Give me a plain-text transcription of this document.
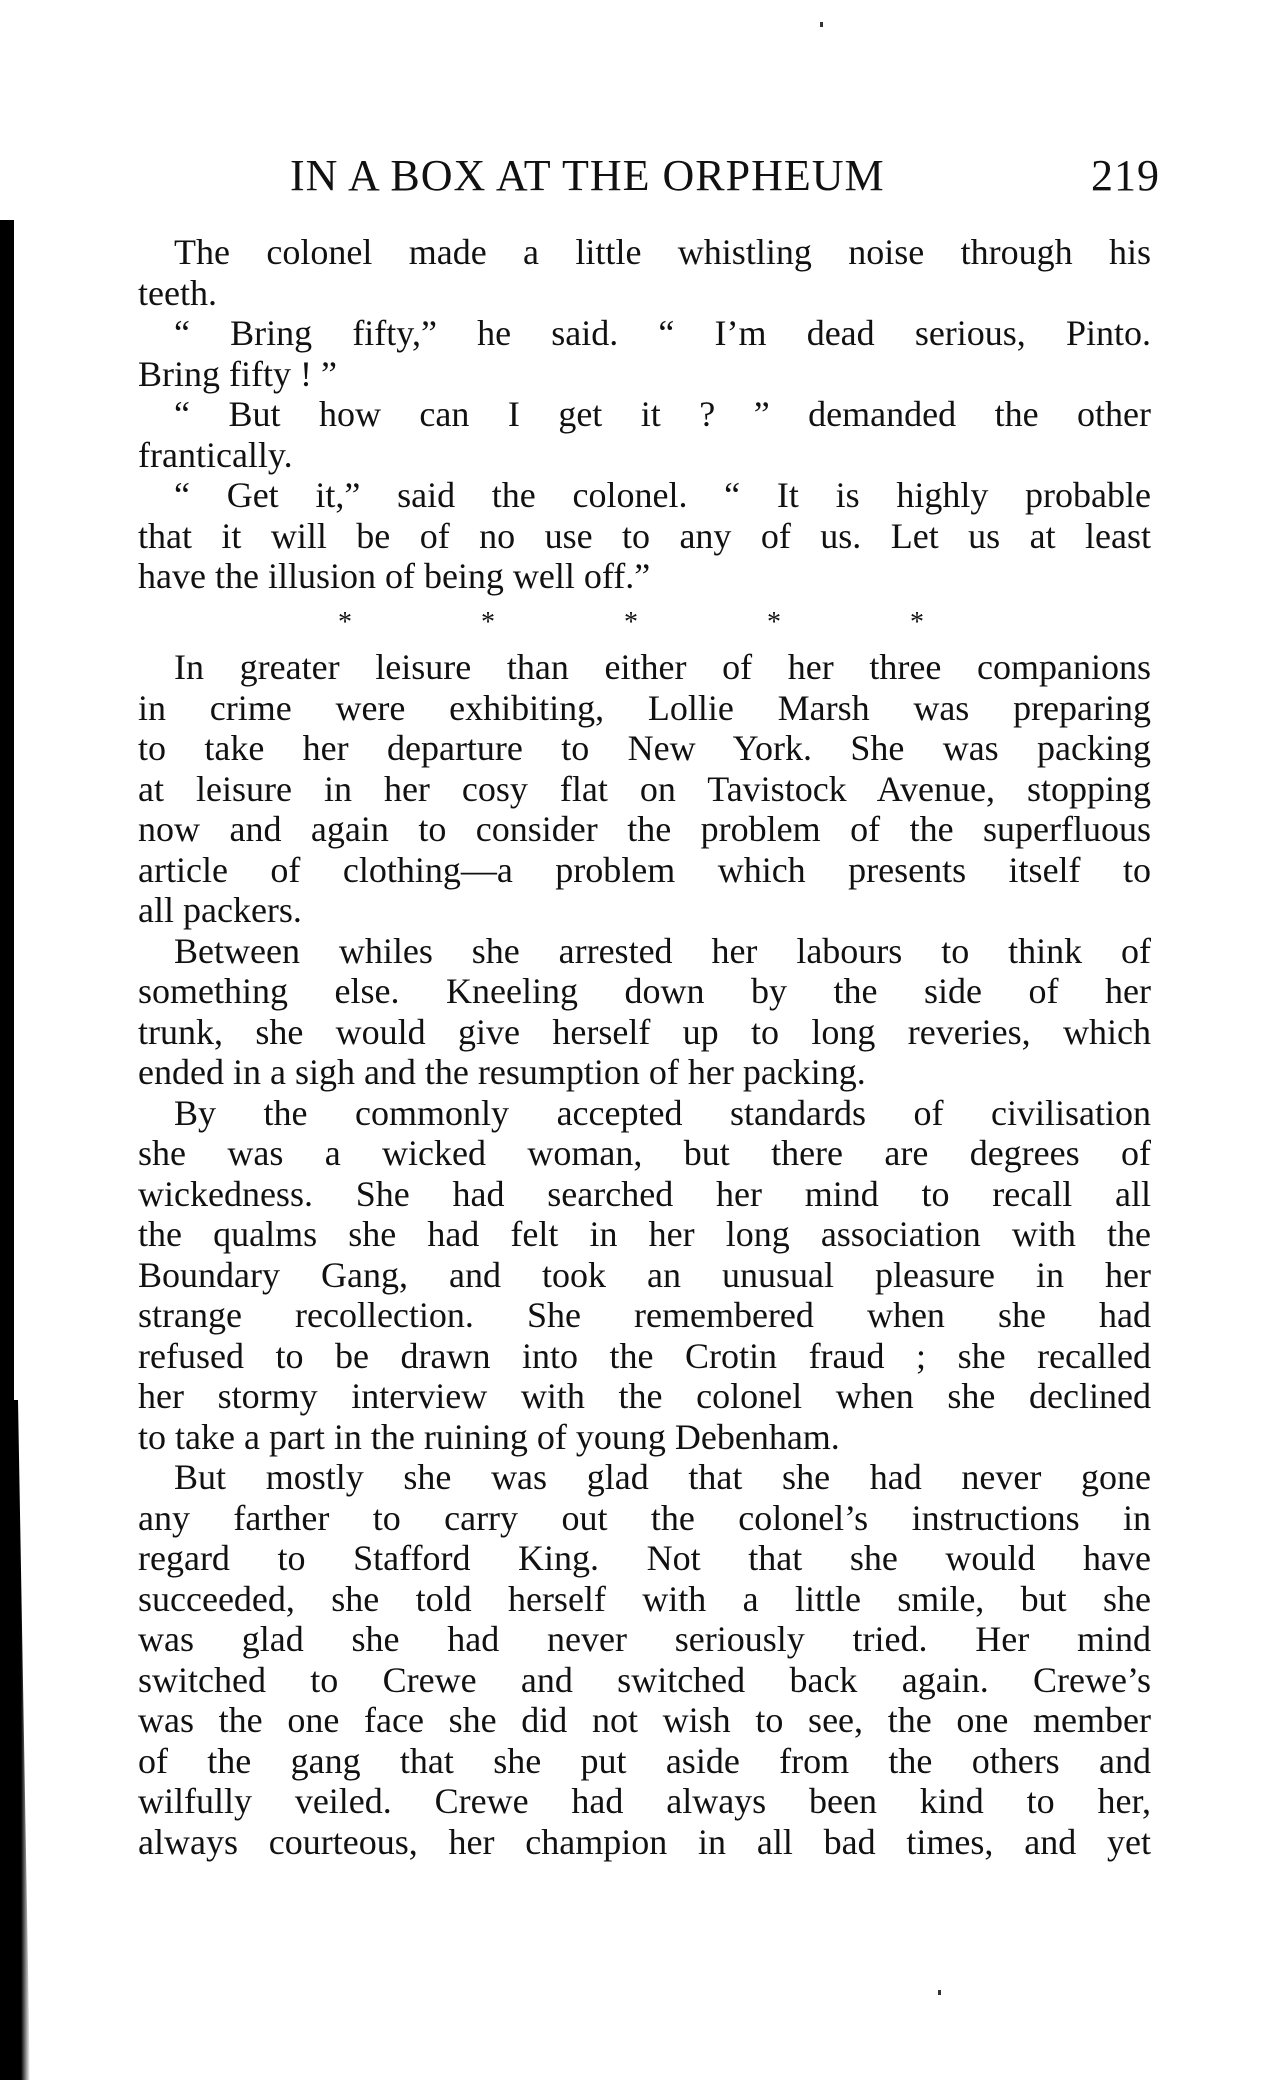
IN A BOX AT THE ORPHEUM	219
The colonel made a little whistling noise through his
teeth.
“ Bring fifty,” he said. “ I’m dead serious, Pinto.
Bring fifty ! ”
“ But how can I get it ? ” demanded the other
frantically.
“ Get it,” said the colonel. “ It is highly probable
that it will be of no use to any of us. Let us at least
have the illusion of being well off.”
*	*	*	*	*
In greater leisure than either of her three companions
in crime were exhibiting, Lollie Marsh was preparing
to take her departure to New York. She was packing
at leisure in her cosy flat on Tavistock Avenue, stopping
now and again to consider the problem of the superfluous
article of clothing—a problem which presents itself to
all packers.
Between whiles she arrested her labours to think of
something else. Kneeling down by the side of her
trunk, she would give herself up to long reveries, which
ended in a sigh and the resumption of her packing.
By the commonly accepted standards of civilisation
she was a wicked woman, but there are degrees of
wickedness. She had searched her mind to recall all
the qualms she had felt in her long association with the
Boundary Gang, and took an unusual pleasure in her
strange recollection. She remembered when she had
refused to be drawn into the Crotin fraud ; she recalled
her stormy interview with the colonel when she declined
to take a part in the ruining of young Debenham.
But mostly she was glad that she had never gone
any farther to carry out the colonel’s instructions in
regard to Stafford King. Not that she would have
succeeded, she told herself with a little smile, but she
was glad she had never seriously tried. Her mind
switched to Crewe and switched back again. Crewe’s
was the one face she did not wish to see, the one member
of the gang that she put aside from the others and
wilfully veiled. Crewe had always been kind to her,
always courteous, her champion in all bad times, and yet
